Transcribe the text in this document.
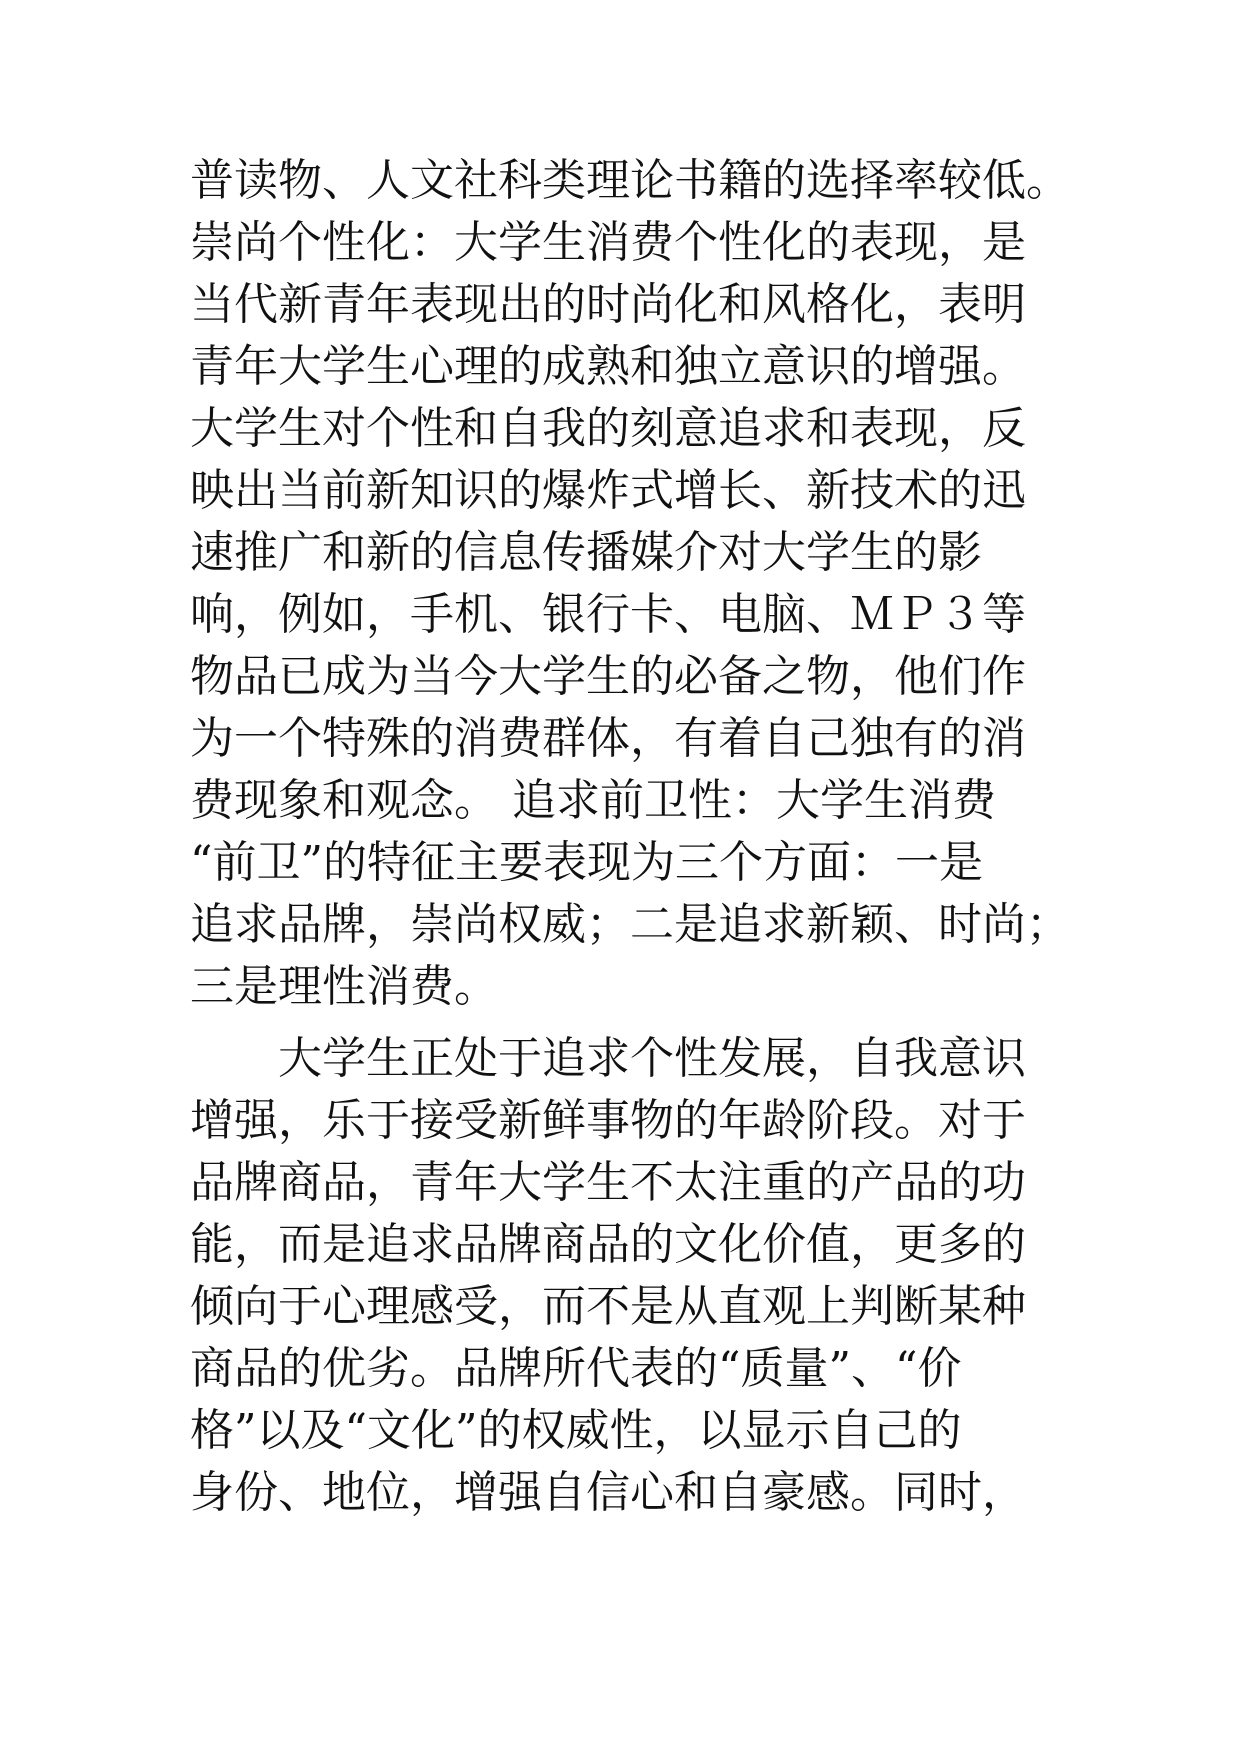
普读物、人文社科类理论书籍的选择率较低。
崇尚个性化：大学生消费个性化的表现，是
当代新青年表现出的时尚化和风格化，表明
青年大学生心理的成熟和独立意识的增强。
大学生对个性和自我的刻意追求和表现，反
映出当前新知识的爆炸式增长、新技术的迅
速推广和新的信息传播媒介对大学生的影
响，例如，手机、银行卡、电脑、ＭＰ３等
物品已成为当今大学生的必备之物，他们作
为一个特殊的消费群体，有着自己独有的消
费现象和观念。 追求前卫性：大学生消费
“前卫”的特征主要表现为三个方面：一是
追求品牌，崇尚权威；二是追求新颖、时尚；
三是理性消费。
大学生正处于追求个性发展，自我意识
增强，乐于接受新鲜事物的年龄阶段。对于
品牌商品，青年大学生不太注重的产品的功
能，而是追求品牌商品的文化价值，更多的
倾向于心理感受，而不是从直观上判断某种
商品的优劣。品牌所代表的“质量”、“价
格”以及“文化”的权威性，以显示自己的
身份、地位，增强自信心和自豪感。同时，
